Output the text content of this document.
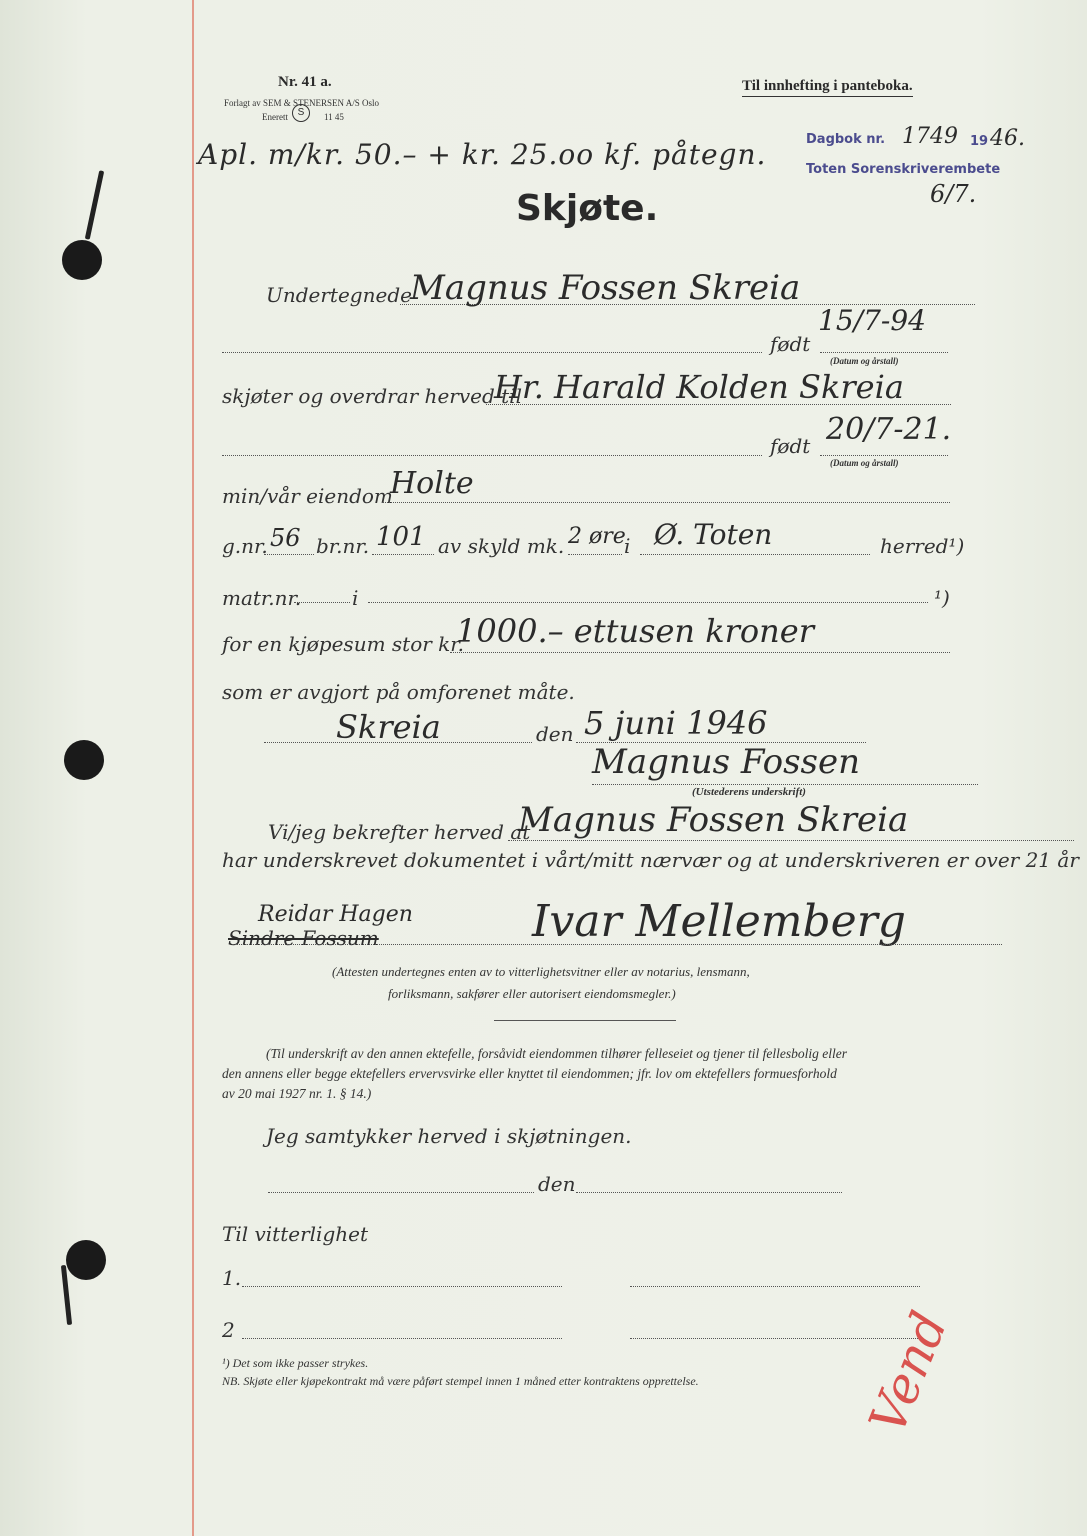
Nr. 41 a.
Forlagt av SEM & STENERSEN A/S Oslo
Enerett S	11 45
Til innhefting i panteboka.
Dagbok nr. 1749 19 46.
Toten Sorenskriverembete
6/7.
Apl. m/kr. 50.– + kr. 25.oo kf. påtegn.
Skjøte.
Undertegnede
Magnus Fossen Skreia
født
15/7-94
(Datum og årstall)
skjøter og overdrar herved til
Hr. Harald Kolden Skreia
født 20/7-21.
(Datum og årstall)
min/vår eiendom
Holte
g.nr. 56 br.nr. 101 av skyld mk. 2 øre
i Ø. Toten	herred¹)
matr.nr.	i	¹)
for en kjøpesum stor kr.
1000.– ettusen kroner
som er avgjort på omforenet måte.
Skreia	den 5 juni 1946
Magnus Fossen
(Utstederens underskrift)
Vi/jeg bekrefter herved at
Magnus Fossen Skreia
har underskrevet dokumentet i vårt/mitt nærvær og at underskriveren er over 21 år
Reidar Hagen
Sindre Fossum	Ivar Mellemberg
(Attesten undertegnes enten av to vitterlighetsvitner eller av notarius, lensmann,
forliksmann, sakfører eller autorisert eiendomsmegler.)
(Til underskrift av den annen ektefelle, forsåvidt eiendommen tilhører felleseiet og tjener til fellesbolig eller
den annens eller begge ektefellers ervervsvirke eller knyttet til eiendommen; jfr. lov om ektefellers formuesforhold
av 20 mai 1927 nr. 1. § 14.)
Jeg samtykker herved i skjøtningen.
den
Til vitterlighet
1.
2
¹) Det som ikke passer strykes.
NB. Skjøte eller kjøpekontrakt må være påført stempel innen 1 måned etter kontraktens opprettelse.	Vend
